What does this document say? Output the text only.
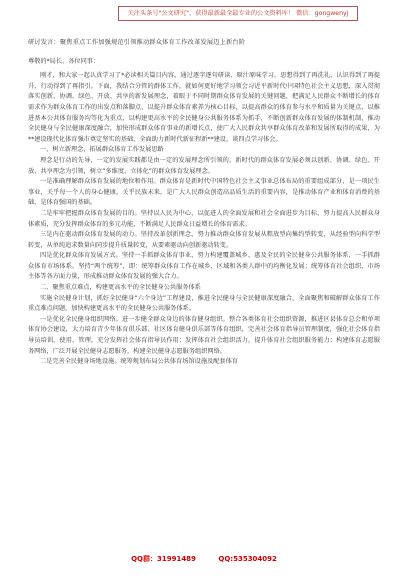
关注头条号"公文研究"，获得最新最全最专业的公文资料库！ 微信：gongwenyj

研讨发言：聚焦重点工作加强规范引领推动群众体育工作改革发展迈上新台阶

尊敬的*局长、各位同事：

刚才，和大家一起认真学习了*必读相关篇目内容，通过逐字逐句研读、原汁原味学习，思想得到了再洗礼、认识得到了再提升、行动得到了再指引。下面，我结合分管的群体工作，就如何更好地学习领会习近平新时代中国特色社会主义思想，深入贯彻落实创新、协调、绿色、开放、共享的新发展理念，着眼于不同时期群众体育发展的关键问题，把满足人民群众不断增长的体育需求作为群众体育工作的出发点和落脚点，以提升群众体育素养为核心目标，以提高群众的体育参与水平和质量为关键点，以推进基本公共体育服务均等化为重点，以构建更高水平的全民健身公共服务体系为抓手，不断创新群众体育发展的体制机制，推动全民健身与全民健康深度融合，加快形成群众体育事业的新增长点，使广大人民群众共享群众体育改革和发展所取得的成果，为**建设现代化体育强市奠定坚实的基础，全面助力新时代新征程新**建设，谈四点学习体会。

一、树立新理念，拓展群众体育工作发展思路

理念是行动的先导，一定的发展实践都是由一定的发展理念所引领的。新时代的群众体育发展必须以创新、协调、绿色、开放、共享理念为引领，树立“多维度、立体化”的群众体育发展理念。

一是准确理解群众体育发展的地位和作用。群众体育是新时代中国特色社会主义事业总体布局的重要组成部分，是一项民生事业，关乎每一个人的身心健康，关乎民族未来，是广大人民群众创造高品质生活的重要内容，是推动体育产业和体育消费的基础，是体育强国的基础。

二是牢牢把握群众体育发展的目的。坚持以人民为中心，以促进人的全面发展和社会全面进步为目标，努力提高人民群众身体素质，充分发挥群众体育的多元功能，不断满足人民群众日益增长的体育需求。

三是内在驱动群众体育发展的动力。坚持改革创新理念，努力推动群众体育发展从粗放型向集约型转变，从经验型向科学型转变，从单纯追求数量向同步提升质量转变，从要素驱动向创新驱动转变。

四是优化群众体育发展方式。坚持一手抓群众体育事业，努力构建覆盖城乡、惠及全民的全民健身公共服务体系，一手抓群众体育市场体系。坚持“两个统筹”，即：统筹群众体育工作在城乡、区域和各类人群中的均衡化发展；统筹体育社会组织、市场主体等各方面力量，形成推动群众体育发展的强大合力。

二、聚焦重点难点，构建更高水平的全民健身公共服务体系

实施全民健身计划，抓好全民健身“六个身边”工程建设，推进全民健身与全民健康深度融合，全面聚焦和破解群众体育工作重点难点问题，加快构建更高水平的全民健身公共服务体系。

一是优化全民健身组织网络。进一步健全群众身边的体育健身组织。整合各类体育社会组织资源，推进区县体育总会和单项体育协会建设，大力培育青少年体育俱乐部、社区体育健身俱乐部等体育组织，完善社会体育指导员管理制度，强化社会体育指导员培训、使用、管理，充分发挥社会体育指导员作用；发挥体育社会组织活力，提升体育社会组织服务能力；构建体育志愿服务网络，广泛开展全民健身志愿服务，构建全民健身志愿服务组织网络。

二是完善全民健身场地设施。统筹规划布局公共体育场馆设施及配套体育

QQ群：31991489	QQ:535304092
